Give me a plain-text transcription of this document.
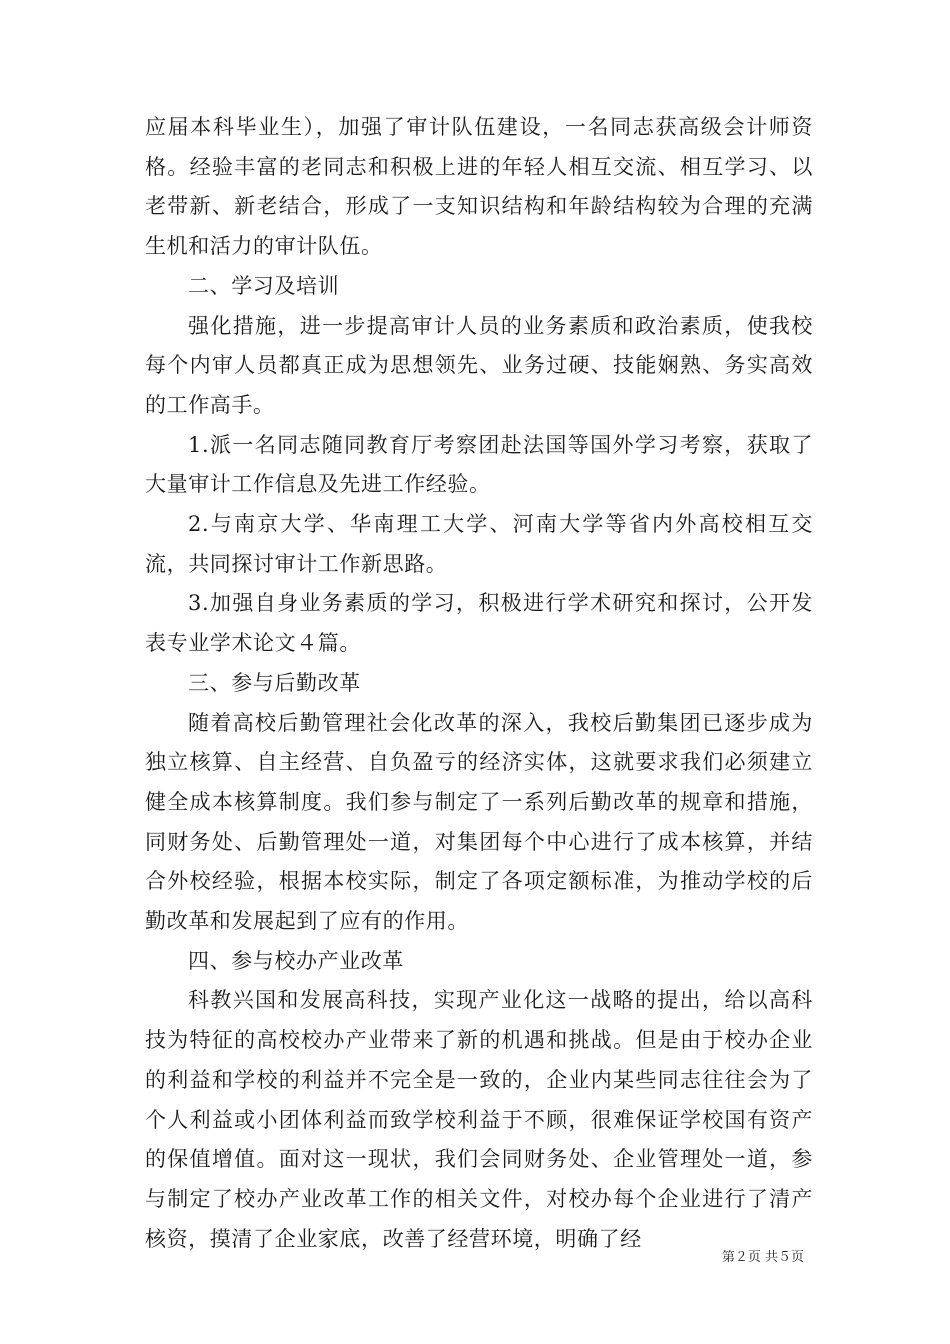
应届本科毕业生），加强了审计队伍建设，一名同志获高级会计师资格。经验丰富的老同志和积极上进的年轻人相互交流、相互学习、以老带新、新老结合，形成了一支知识结构和年龄结构较为合理的充满生机和活力的审计队伍。

二、学习及培训

强化措施，进一步提高审计人员的业务素质和政治素质，使我校每个内审人员都真正成为思想领先、业务过硬、技能娴熟、务实高效的工作高手。

1.派一名同志随同教育厅考察团赴法国等国外学习考察，获取了大量审计工作信息及先进工作经验。

2.与南京大学、华南理工大学、河南大学等省内外高校相互交流，共同探讨审计工作新思路。

3.加强自身业务素质的学习，积极进行学术研究和探讨，公开发表专业学术论文４篇。

三、参与后勤改革

随着高校后勤管理社会化改革的深入，我校后勤集团已逐步成为独立核算、自主经营、自负盈亏的经济实体，这就要求我们必须建立健全成本核算制度。我们参与制定了一系列后勤改革的规章和措施，同财务处、后勤管理处一道，对集团每个中心进行了成本核算，并结合外校经验，根据本校实际，制定了各项定额标准，为推动学校的后勤改革和发展起到了应有的作用。

四、参与校办产业改革

科教兴国和发展高科技，实现产业化这一战略的提出，给以高科技为特征的高校校办产业带来了新的机遇和挑战。但是由于校办企业的利益和学校的利益并不完全是一致的，企业内某些同志往往会为了个人利益或小团体利益而致学校利益于不顾，很难保证学校国有资产的保值增值。面对这一现状，我们会同财务处、企业管理处一道，参与制定了校办产业改革工作的相关文件，对校办每个企业进行了清产核资，摸清了企业家底，改善了经营环境，明确了经

第２页 共５页
